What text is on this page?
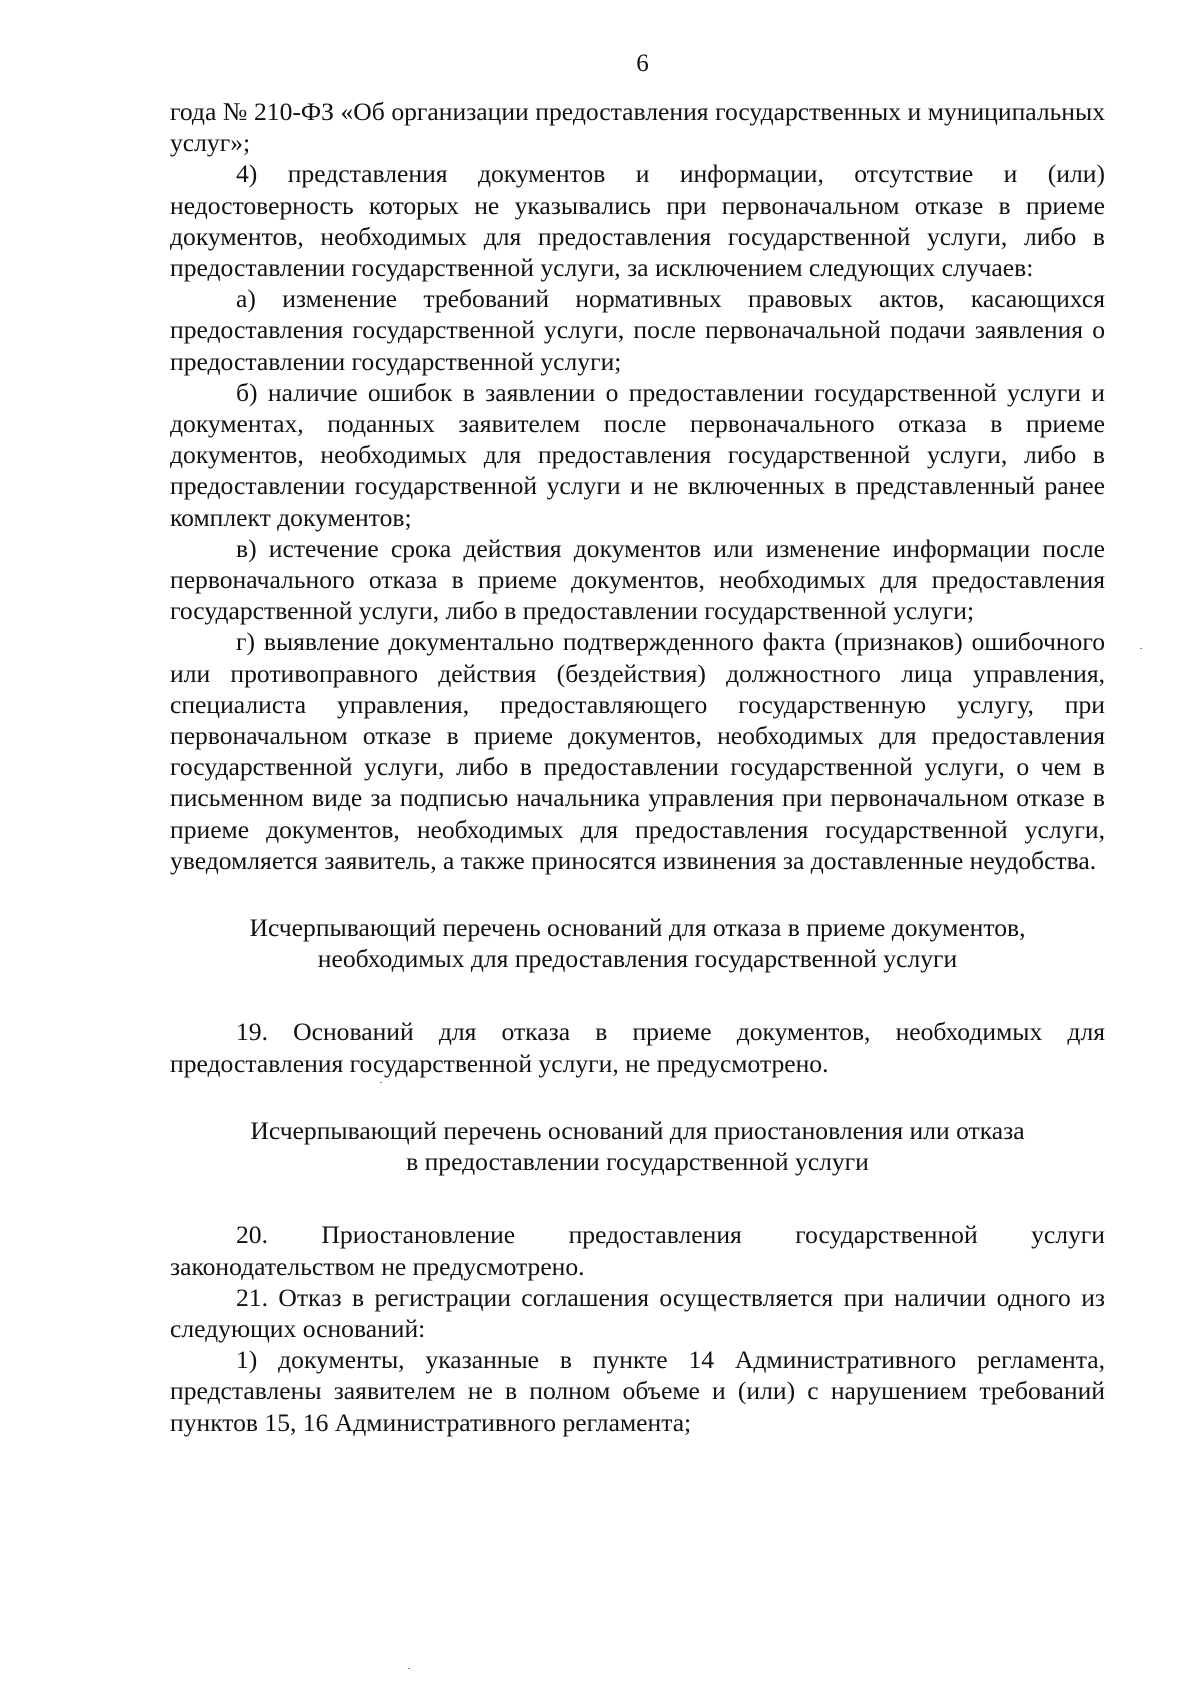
6

года № 210-ФЗ «Об организации предоставления государственных и муниципальных услуг»;

4) представления документов и информации, отсутствие и (или) недостоверность которых не указывались при первоначальном отказе в приеме документов, необходимых для предоставления государственной услуги, либо в предоставлении государственной услуги, за исключением следующих случаев:

а) изменение требований нормативных правовых актов, касающихся предоставления государственной услуги, после первоначальной подачи заявления о предоставлении государственной услуги;

б) наличие ошибок в заявлении о предоставлении государственной услуги и документах, поданных заявителем после первоначального отказа в приеме документов, необходимых для предоставления государственной услуги, либо в предоставлении государственной услуги и не включенных в представленный ранее комплект документов;

в) истечение срока действия документов или изменение информации после первоначального отказа в приеме документов, необходимых для предоставления государственной услуги, либо в предоставлении государственной услуги;

г) выявление документально подтвержденного факта (признаков) ошибочного или противоправного действия (бездействия) должностного лица управления, специалиста управления, предоставляющего государственную услугу, при первоначальном отказе в приеме документов, необходимых для предоставления государственной услуги, либо в предоставлении государственной услуги, о чем в письменном виде за подписью начальника управления при первоначальном отказе в приеме документов, необходимых для предоставления государственной услуги, уведомляется заявитель, а также приносятся извинения за доставленные неудобства.

Исчерпывающий перечень оснований для отказа в приеме документов,
необходимых для предоставления государственной услуги

19. Оснований для отказа в приеме документов, необходимых для предоставления государственной услуги, не предусмотрено.

Исчерпывающий перечень оснований для приостановления или отказа
в предоставлении государственной услуги

20. Приостановление предоставления государственной услуги законодательством не предусмотрено.

21. Отказ в регистрации соглашения осуществляется при наличии одного из следующих оснований:

1) документы, указанные в пункте 14 Административного регламента, представлены заявителем не в полном объеме и (или) с нарушением требований пунктов 15, 16 Административного регламента;
